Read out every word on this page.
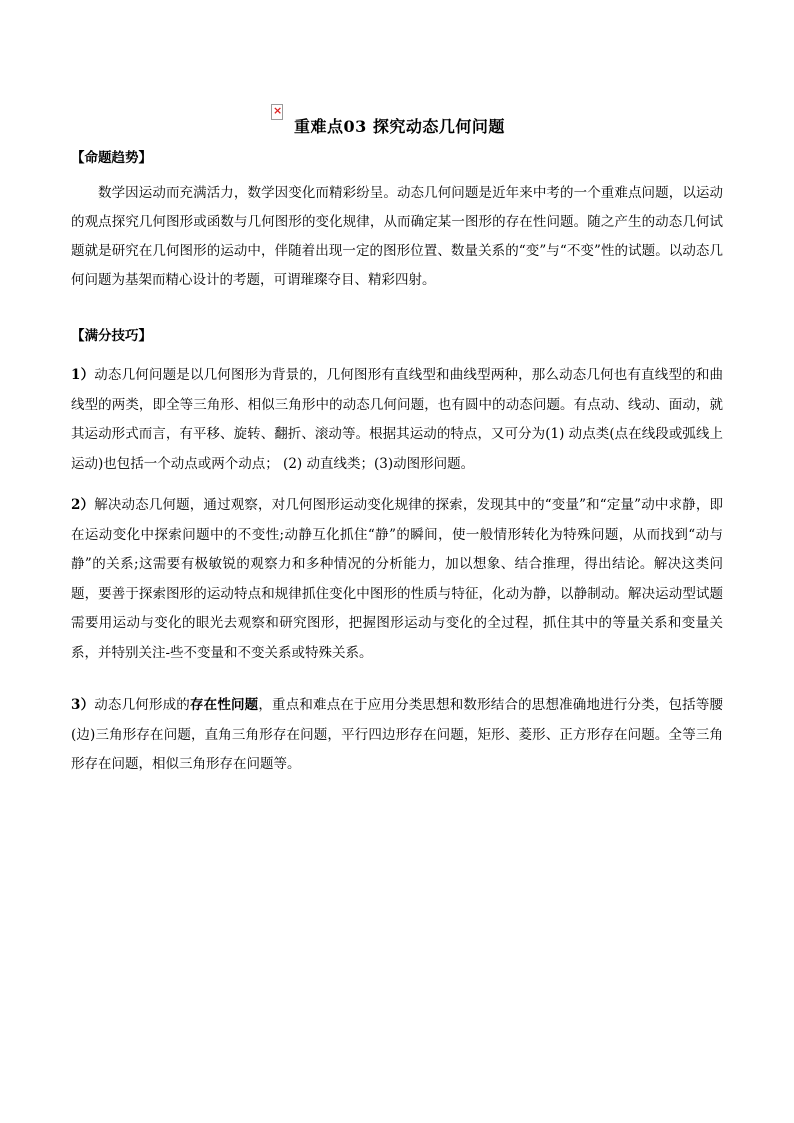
×
重难点03 探究动态几何问题
【命题趋势】

数学因运动而充满活力，数学因变化而精彩纷呈。动态几何问题是近年来中考的一个重难点问题，以运动的观点探究几何图形或函数与几何图形的变化规律，从而确定某一图形的存在性问题。随之产生的动态几何试题就是研究在几何图形的运动中，伴随着出现一定的图形位置、数量关系的“变”与“不变”性的试题。以动态几何问题为基架而精心设计的考题，可谓璀璨夺目、精彩四射。

【满分技巧】

1）动态几何问题是以几何图形为背景的，几何图形有直线型和曲线型两种，那么动态几何也有直线型的和曲线型的两类，即全等三角形、相似三角形中的动态几何问题，也有圆中的动态问题。有点动、线动、面动，就其运动形式而言，有平移、旋转、翻折、滚动等。根据其运动的特点，又可分为(1) 动点类(点在线段或弧线上运动)也包括一个动点或两个动点； (2) 动直线类；(3)动图形问题。

2）解决动态几何题，通过观察，对几何图形运动变化规律的探索，发现其中的“变量”和“定量”动中求静，即在运动变化中探索问题中的不变性;动静互化抓住“静”的瞬间，使一般情形转化为特殊问题，从而找到“动与静”的关系;这需要有极敏锐的观察力和多种情况的分析能力，加以想象、结合推理，得出结论。解决这类问题，要善于探索图形的运动特点和规律抓住变化中图形的性质与特征，化动为静，以静制动。解决运动型试题需要用运动与变化的眼光去观察和研究图形，把握图形运动与变化的全过程，抓住其中的等量关系和变量关系，并特别关注-些不变量和不变关系或特殊关系。

3）动态几何形成的存在性问题，重点和难点在于应用分类思想和数形结合的思想准确地进行分类，包括等腰(边)三角形存在问题，直角三角形存在问题，平行四边形存在问题，矩形、菱形、正方形存在问题。全等三角形存在问题，相似三角形存在问题等。
